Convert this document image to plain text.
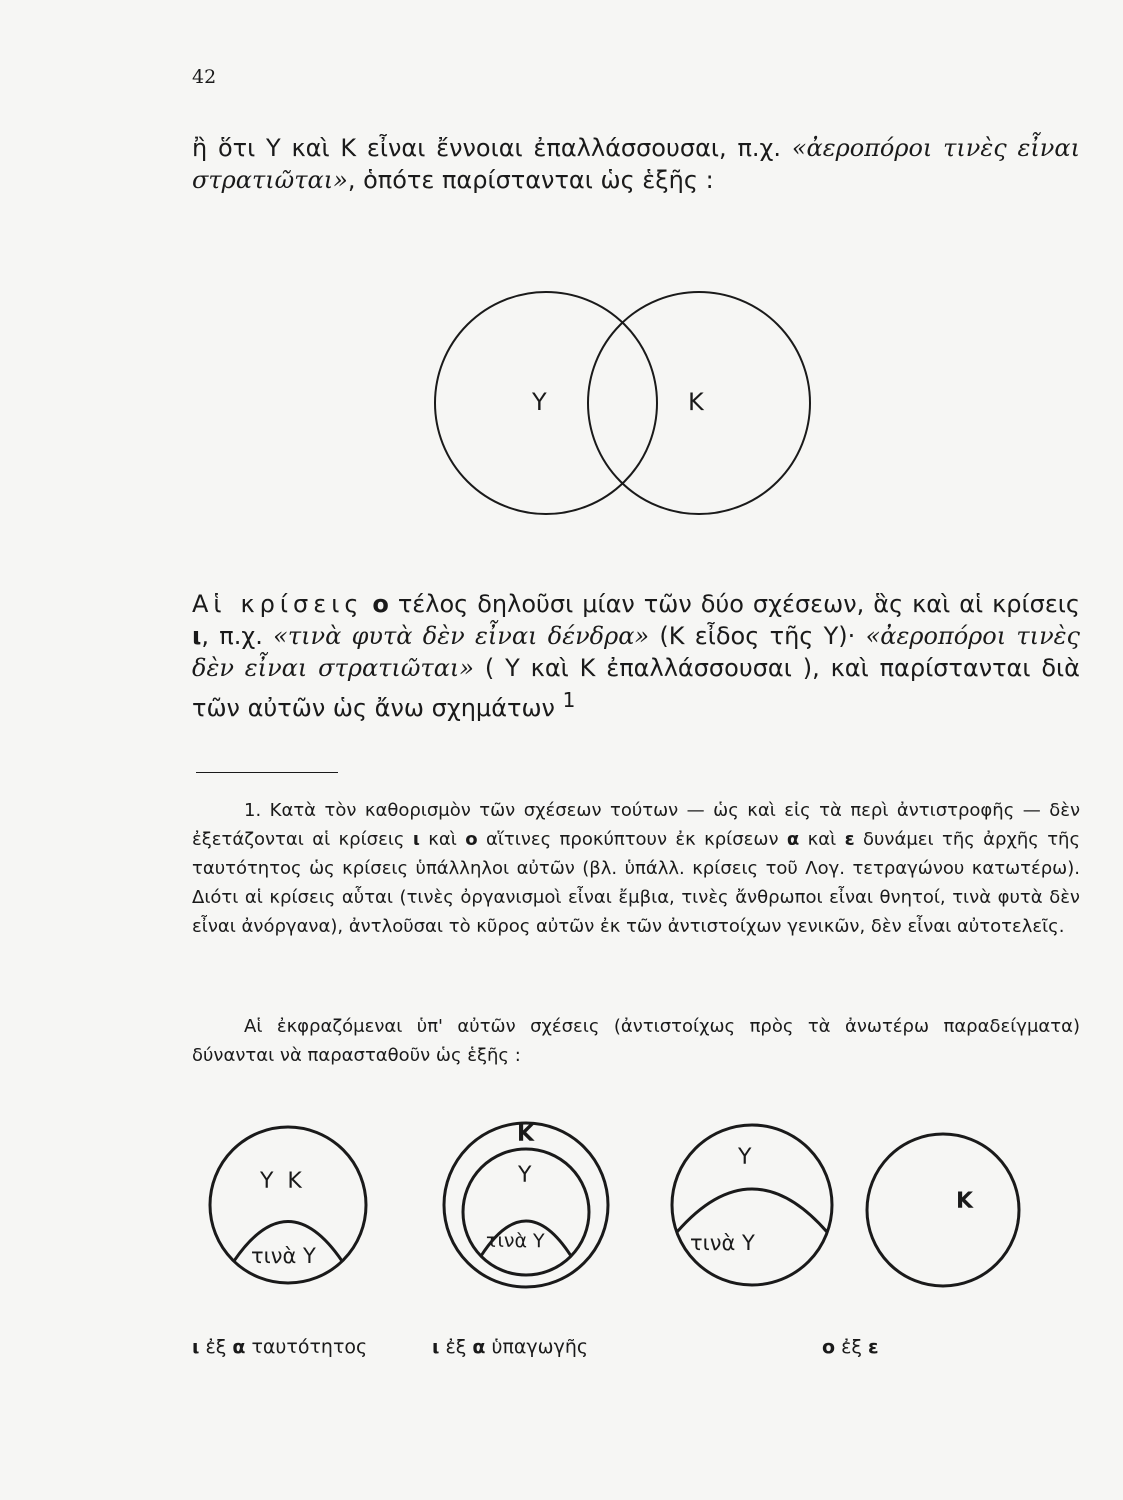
42
ἢ ὅτι Υ καὶ Κ εἶναι ἔννοιαι ἐπαλλάσσουσαι, π.χ. «ἀεροπόροι τινὲς εἶναι στρατιῶται», ὁπότε παρίστανται ὡς ἑξῆς :
Υ	Κ
Υ  Κ
τινὰ Υ
Κ
Υ
τινὰ Υ
Υ
τινὰ Υ
Κ
Αἱ κρίσεις ο τέλος δηλοῦσι μίαν τῶν δύο σχέσεων, ἃς καὶ αἱ κρίσεις ι, π.χ. «τινὰ φυτὰ δὲν εἶναι δένδρα» (Κ εἶδος τῆς Υ)· «ἀεροπόροι τινὲς δὲν εἶναι στρατιῶται» ( Υ καὶ Κ ἐπαλλάσσουσαι ), καὶ παρίστανται διὰ τῶν αὐτῶν ὡς ἄνω σχημάτων $^1$
1. Κατὰ τὸν καθορισμὸν τῶν σχέσεων τούτων — ὡς καὶ εἰς τὰ περὶ ἀντιστροφῆς — δὲν ἐξετάζονται αἱ κρίσεις ι καὶ ο αἵτινες προκύπτουν ἐκ κρίσεων α καὶ ε δυνάμει τῆς ἀρχῆς τῆς ταυτότητος ὡς κρίσεις ὑπάλληλοι αὐτῶν (βλ. ὑπάλλ. κρίσεις τοῦ Λογ. τετραγώνου κατωτέρω). Διότι αἱ κρίσεις αὗται (τινὲς ὀργανισμοὶ εἶναι ἔμβια, τινὲς ἄνθρωποι εἶναι θνητοί, τινὰ φυτὰ δὲν εἶναι ἀνόργανα), ἀντλοῦσαι τὸ κῦρος αὐτῶν ἐκ τῶν ἀντιστοίχων γενικῶν, δὲν εἶναι αὐτοτελεῖς.
Αἱ ἐκφραζόμεναι ὑπ' αὐτῶν σχέσεις (ἀντιστοίχως πρὸς τὰ ἀνωτέρω παραδείγματα) δύνανται νὰ παρασταθοῦν ὡς ἑξῆς :
ι ἐξ α ταυτότητος	ι ἐξ α ὑπαγωγῆς	ο ἐξ ε
